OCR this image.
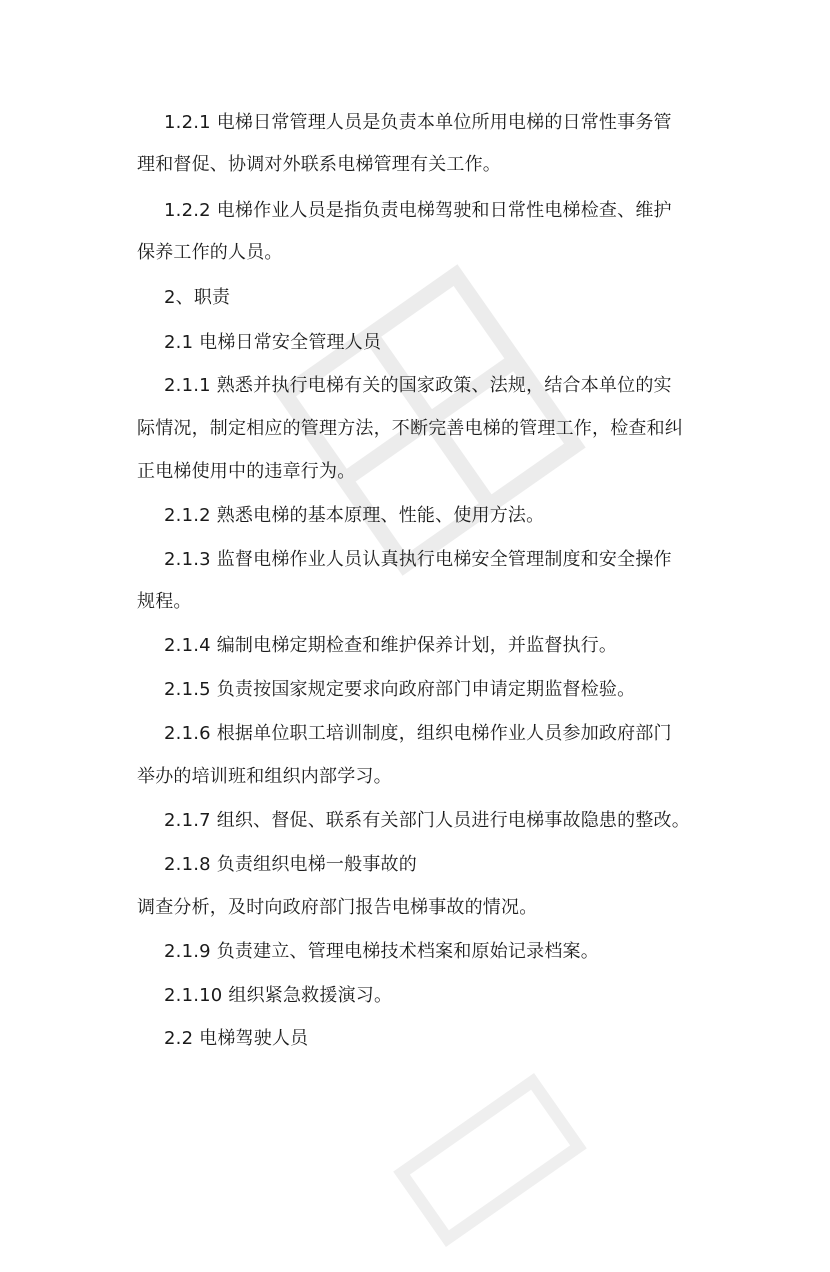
1.2.1 电梯日常管理人员是负责本单位所用电梯的日常性事务管
理和督促、协调对外联系电梯管理有关工作。
1.2.2 电梯作业人员是指负责电梯驾驶和日常性电梯检查、维护
保养工作的人员。
2、职责
2.1 电梯日常安全管理人员
2.1.1 熟悉并执行电梯有关的国家政策、法规，结合本单位的实
际情况，制定相应的管理方法，不断完善电梯的管理工作，检查和纠
正电梯使用中的违章行为。
2.1.2 熟悉电梯的基本原理、性能、使用方法。
2.1.3 监督电梯作业人员认真执行电梯安全管理制度和安全操作
规程。
2.1.4 编制电梯定期检查和维护保养计划，并监督执行。
2.1.5 负责按国家规定要求向政府部门申请定期监督检验。
2.1.6 根据单位职工培训制度，组织电梯作业人员参加政府部门
举办的培训班和组织内部学习。
2.1.7 组织、督促、联系有关部门人员进行电梯事故隐患的整改。
2.1.8 负责组织电梯一般事故的
调查分析，及时向政府部门报告电梯事故的情况。
2.1.9 负责建立、管理电梯技术档案和原始记录档案。
2.1.10 组织紧急救援演习。
2.2 电梯驾驶人员
